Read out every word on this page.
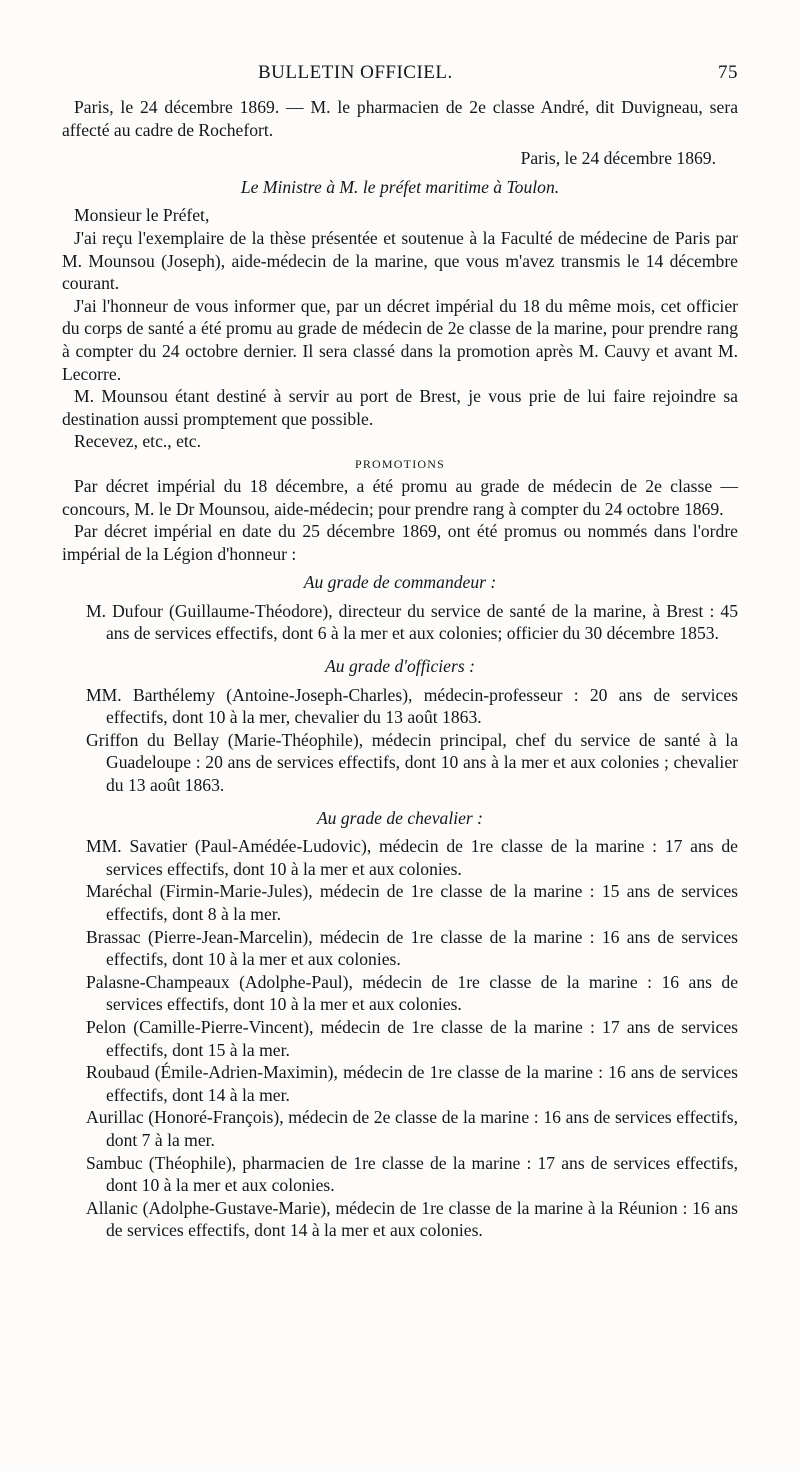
BULLETIN OFFICIEL.	75

Paris, le 24 décembre 1869. — M. le pharmacien de 2e classe André, dit Duvigneau, sera affecté au cadre de Rochefort.

Paris, le 24 décembre 1869.

Le Ministre à M. le préfet maritime à Toulon.

Monsieur le Préfet,

J'ai reçu l'exemplaire de la thèse présentée et soutenue à la Faculté de médecine de Paris par M. Mounsou (Joseph), aide-médecin de la marine, que vous m'avez transmis le 14 décembre courant.

J'ai l'honneur de vous informer que, par un décret impérial du 18 du même mois, cet officier du corps de santé a été promu au grade de médecin de 2e classe de la marine, pour prendre rang à compter du 24 octobre dernier. Il sera classé dans la promotion après M. Cauvy et avant M. Lecorre.

M. Mounsou étant destiné à servir au port de Brest, je vous prie de lui faire rejoindre sa destination aussi promptement que possible.

Recevez, etc., etc.

PROMOTIONS

Par décret impérial du 18 décembre, a été promu au grade de médecin de 2e classe — concours, M. le Dr Mounsou, aide-médecin; pour prendre rang à compter du 24 octobre 1869.

Par décret impérial en date du 25 décembre 1869, ont été promus ou nommés dans l'ordre impérial de la Légion d'honneur :

Au grade de commandeur :

M. Dufour (Guillaume-Théodore), directeur du service de santé de la marine, à Brest : 45 ans de services effectifs, dont 6 à la mer et aux colonies; officier du 30 décembre 1853.

Au grade d'officiers :

MM. Barthélemy (Antoine-Joseph-Charles), médecin-professeur : 20 ans de services effectifs, dont 10 à la mer, chevalier du 13 août 1863.

Griffon du Bellay (Marie-Théophile), médecin principal, chef du service de santé à la Guadeloupe : 20 ans de services effectifs, dont 10 ans à la mer et aux colonies ; chevalier du 13 août 1863.

Au grade de chevalier :

MM. Savatier (Paul-Amédée-Ludovic), médecin de 1re classe de la marine : 17 ans de services effectifs, dont 10 à la mer et aux colonies.

Maréchal (Firmin-Marie-Jules), médecin de 1re classe de la marine : 15 ans de services effectifs, dont 8 à la mer.

Brassac (Pierre-Jean-Marcelin), médecin de 1re classe de la marine : 16 ans de services effectifs, dont 10 à la mer et aux colonies.

Palasne-Champeaux (Adolphe-Paul), médecin de 1re classe de la marine : 16 ans de services effectifs, dont 10 à la mer et aux colonies.

Pelon (Camille-Pierre-Vincent), médecin de 1re classe de la marine : 17 ans de services effectifs, dont 15 à la mer.

Roubaud (Émile-Adrien-Maximin), médecin de 1re classe de la marine : 16 ans de services effectifs, dont 14 à la mer.

Aurillac (Honoré-François), médecin de 2e classe de la marine : 16 ans de services effectifs, dont 7 à la mer.

Sambuc (Théophile), pharmacien de 1re classe de la marine : 17 ans de services effectifs, dont 10 à la mer et aux colonies.

Allanic (Adolphe-Gustave-Marie), médecin de 1re classe de la marine à la Réunion : 16 ans de services effectifs, dont 14 à la mer et aux colonies.
